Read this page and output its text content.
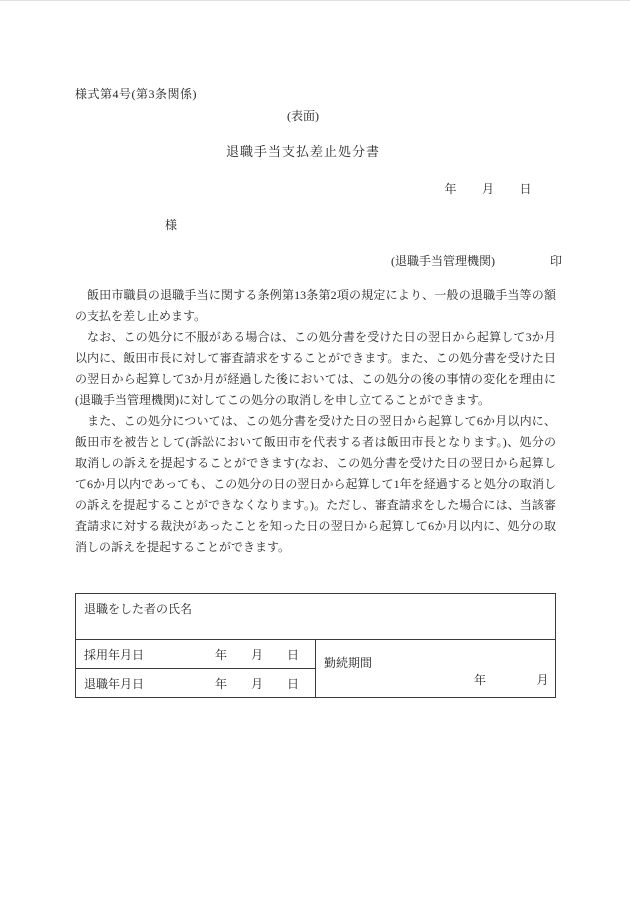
様式第4号(第3条関係)
(表面)
退職手当支払差止処分書
年　　月　　日
様
(退職手当管理機関)	印

飯田市職員の退職手当に関する条例第13条第2項の規定により、一般の退職手当等の額の支払を差し止めます。

なお、この処分に不服がある場合は、この処分書を受けた日の翌日から起算して3か月以内に、飯田市長に対して審査請求をすることができます。また、この処分書を受けた日の翌日から起算して3か月が経過した後においては、この処分の後の事情の変化を理由に(退職手当管理機関)に対してこの処分の取消しを申し立てることができます。

また、この処分については、この処分書を受けた日の翌日から起算して6か月以内に、飯田市を被告として(訴訟において飯田市を代表する者は飯田市長となります。)、処分の取消しの訴えを提起することができます(なお、この処分書を受けた日の翌日から起算して6か月以内であっても、この処分の日の翌日から起算して1年を経過すると処分の取消しの訴えを提起することができなくなります。)。ただし、審査請求をした場合には、当該審査請求に対する裁決があったことを知った日の翌日から起算して6か月以内に、処分の取消しの訴えを提起することができます。

退職をした者の氏名

採用年月日	年　　月　　日

勤続期間
年　　　　月

退職年月日	年　　月　　日
